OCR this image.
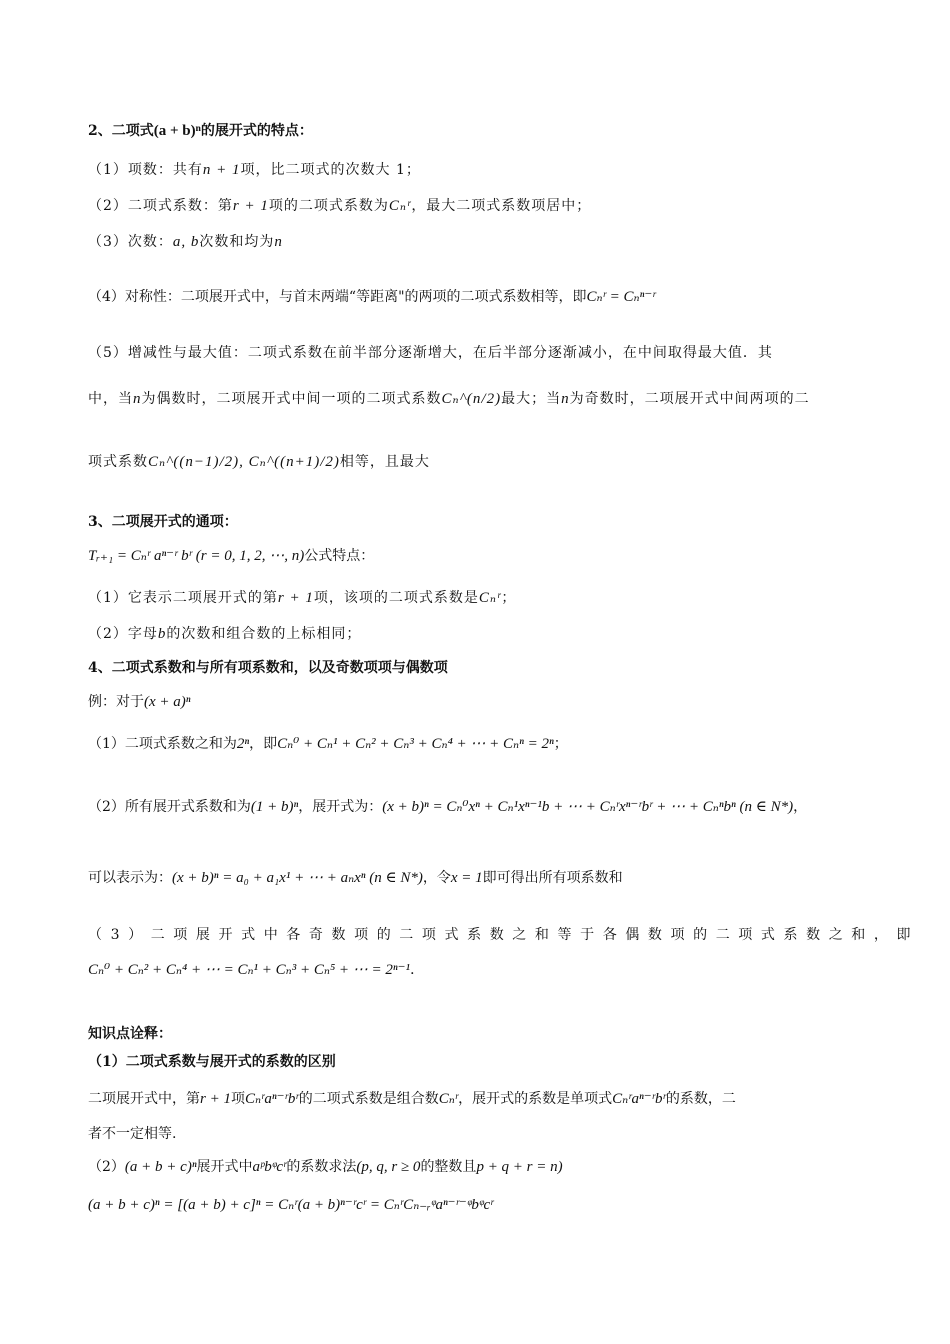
2、二项式(a + b)ⁿ的展开式的特点：
（1）项数：共有n + 1项，比二项式的次数大 1；
（2）二项式系数：第r + 1项的二项式系数为Cₙʳ，最大二项式系数项居中；
（3）次数：a, b次数和均为n
（4）对称性：二项展开式中，与首末两端“等距离"的两项的二项式系数相等，即Cₙʳ = Cₙⁿ⁻ʳ
（5）增减性与最大值：二项式系数在前半部分逐渐增大，在后半部分逐渐减小，在中间取得最大值．其
中，当n为偶数时，二项展开式中间一项的二项式系数Cₙ^(n/2)最大；当n为奇数时，二项展开式中间两项的二
项式系数Cₙ^((n−1)/2), Cₙ^((n+1)/2)相等，且最大
3、二项展开式的通项：
Tᵣ₊₁ = Cₙʳ aⁿ⁻ʳ bʳ (r = 0, 1, 2, ⋯, n)公式特点：
（1）它表示二项展开式的第r + 1项，该项的二项式系数是Cₙʳ；
（2）字母b的次数和组合数的上标相同；
4、二项式系数和与所有项系数和，以及奇数项项与偶数项
例：对于(x + a)ⁿ
（1）二项式系数之和为2ⁿ，即Cₙ⁰ + Cₙ¹ + Cₙ² + Cₙ³ + Cₙ⁴ + ⋯ + Cₙⁿ = 2ⁿ；
（2）所有展开式系数和为(1 + b)ⁿ，展开式为：(x + b)ⁿ = Cₙ⁰xⁿ + Cₙ¹xⁿ⁻¹b + ⋯ + Cₙʳxⁿ⁻ʳbʳ + ⋯ + Cₙⁿbⁿ (n ∈ N*)，
可以表示为：(x + b)ⁿ = a₀ + a₁x¹ + ⋯ + aₙxⁿ (n ∈ N*)，令x = 1即可得出所有项系数和
（3）二项展开式中各奇数项的二项式系数之和等于各偶数项的二项式系数之和，即
Cₙ⁰ + Cₙ² + Cₙ⁴ + ⋯ = Cₙ¹ + Cₙ³ + Cₙ⁵ + ⋯ = 2ⁿ⁻¹．
知识点诠释：
（1）二项式系数与展开式的系数的区别
二项展开式中，第r + 1项Cₙʳaⁿ⁻ʳbʳ的二项式系数是组合数Cₙʳ，展开式的系数是单项式Cₙʳaⁿ⁻ʳbʳ的系数，二
者不一定相等.
（2）(a + b + c)ⁿ展开式中aᵖbᵠcʳ的系数求法(p, q, r ≥ 0的整数且p + q + r = n)
(a + b + c)ⁿ = [(a + b) + c]ⁿ = Cₙʳ(a + b)ⁿ⁻ʳcʳ = CₙʳCₙ₋ᵣᵠaⁿ⁻ʳ⁻ᵠbᵠcʳ
